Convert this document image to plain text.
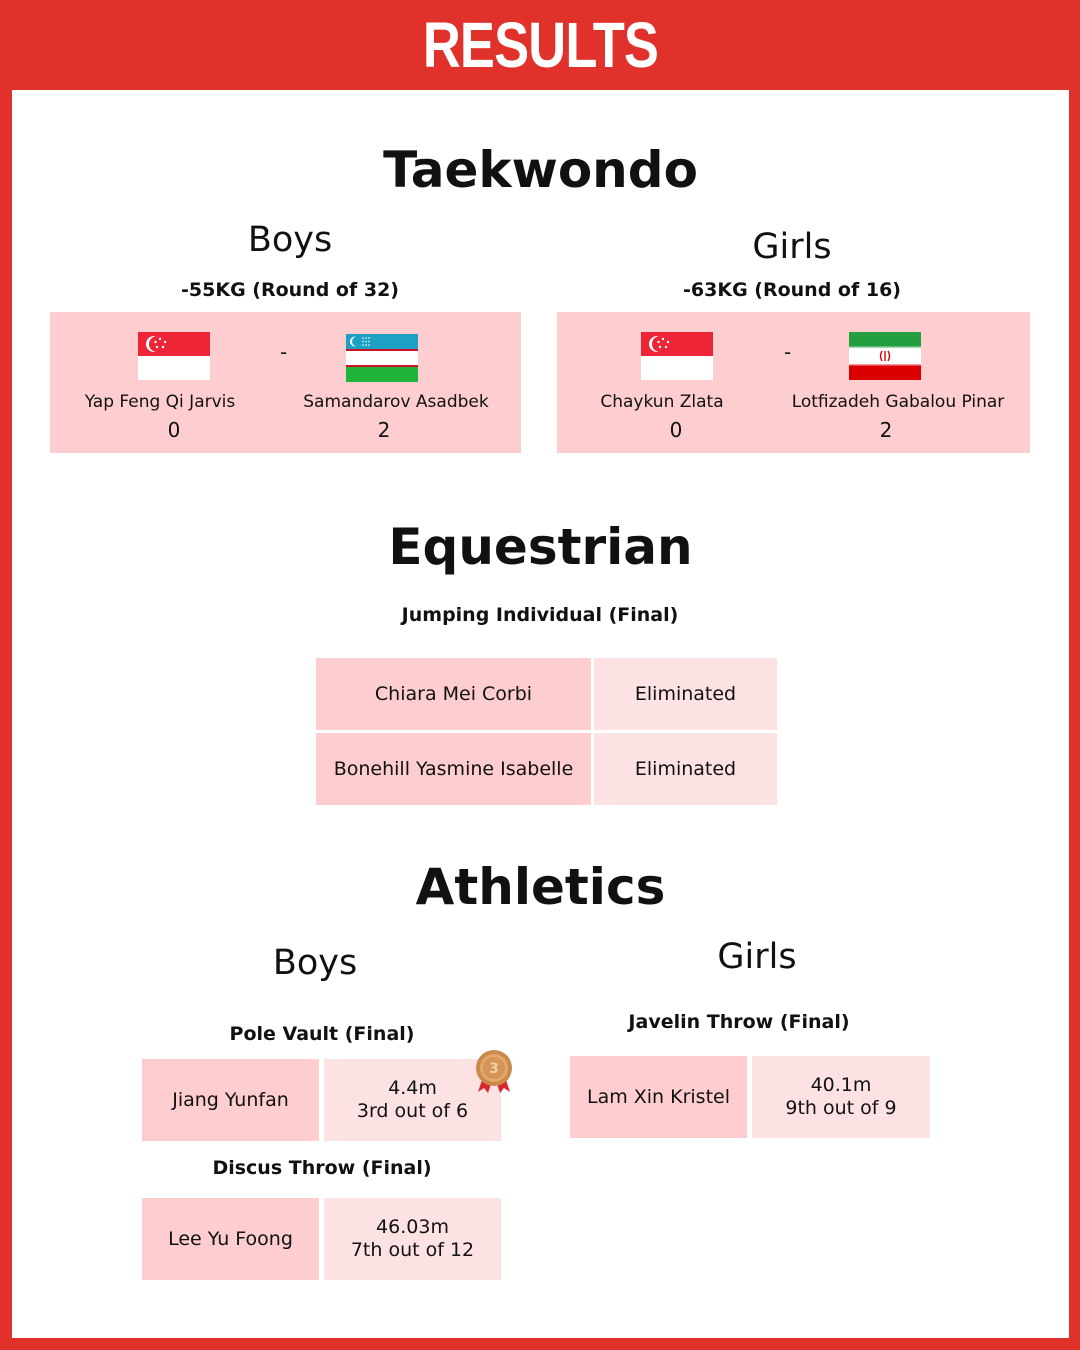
RESULTS
Taekwondo
Boys
-55KG (Round of 32)
-
Yap Feng Qi Jarvis
0
Samandarov Asadbek
2
Girls
-63KG (Round of 16)
-
Chaykun Zlata
0
Lotfizadeh Gabalou Pinar
2
Equestrian
Jumping Individual (Final)
Chiara Mei Corbi	Eliminated
Bonehill Yasmine Isabelle	Eliminated
Athletics
Boys
Pole Vault (Final)
Jiang Yunfan
4.4m
3rd out of 6
3
Discus Throw (Final)
Lee Yu Foong
46.03m
7th out of 12
Girls
Javelin Throw (Final)
Lam Xin Kristel
40.1m
9th out of 9
